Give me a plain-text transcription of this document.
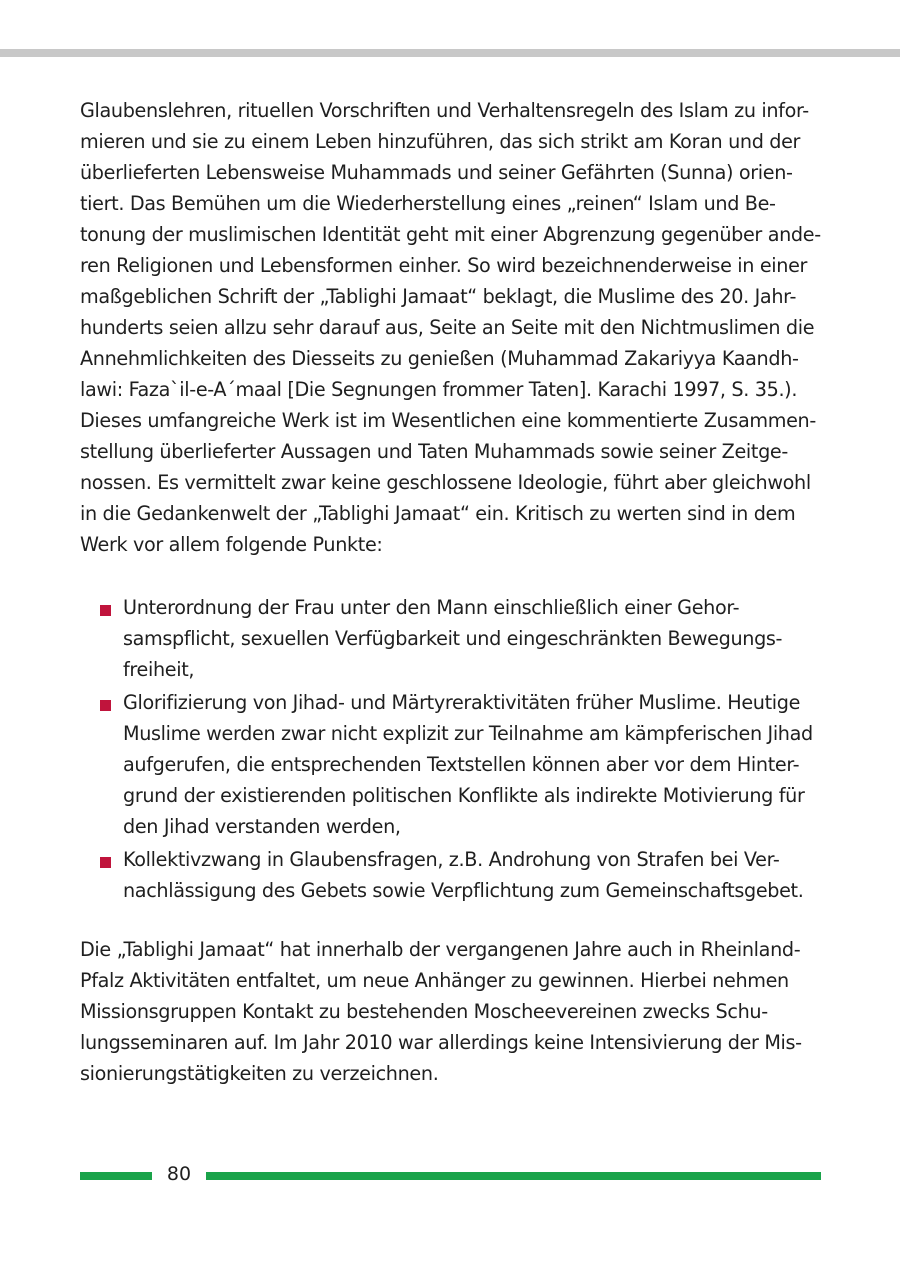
Glaubenslehren, rituellen Vorschriften und Verhaltensregeln des Islam zu infor-
mieren und sie zu einem Leben hinzuführen, das sich strikt am Koran und der
überlieferten Lebensweise Muhammads und seiner Gefährten (Sunna) orien-
tiert. Das Bemühen um die Wiederherstellung eines „reinen“ Islam und Be-
tonung der muslimischen Identität geht mit einer Abgrenzung gegenüber ande-
ren Religionen und Lebensformen einher. So wird bezeichnenderweise in einer
maßgeblichen Schrift der „Tablighi Jamaat“ beklagt, die Muslime des 20. Jahr-
hunderts seien allzu sehr darauf aus, Seite an Seite mit den Nichtmuslimen die
Annehmlichkeiten des Diesseits zu genießen (Muhammad Zakariyya Kaandh-
lawi: Faza`il-e-A´maal [Die Segnungen frommer Taten]. Karachi 1997, S. 35.).
Dieses umfangreiche Werk ist im Wesentlichen eine kommentierte Zusammen-
stellung überlieferter Aussagen und Taten Muhammads sowie seiner Zeitge-
nossen. Es vermittelt zwar keine geschlossene Ideologie, führt aber gleichwohl
in die Gedankenwelt der „Tablighi Jamaat“ ein. Kritisch zu werten sind in dem
Werk vor allem folgende Punkte:

Unterordnung der Frau unter den Mann einschließlich einer Gehor-
samspflicht, sexuellen Verfügbarkeit und eingeschränkten Bewegungs-
freiheit,
Glorifizierung von Jihad- und Märtyreraktivitäten früher Muslime. Heutige
Muslime werden zwar nicht explizit zur Teilnahme am kämpferischen Jihad
aufgerufen, die entsprechenden Textstellen können aber vor dem Hinter-
grund der existierenden politischen Konflikte als indirekte Motivierung für
den Jihad verstanden werden,
Kollektivzwang in Glaubensfragen, z.B. Androhung von Strafen bei Ver-
nachlässigung des Gebets sowie Verpflichtung zum Gemeinschaftsgebet.

Die „Tablighi Jamaat“ hat innerhalb der vergangenen Jahre auch in Rheinland-
Pfalz Aktivitäten entfaltet, um neue Anhänger zu gewinnen. Hierbei nehmen
Missionsgruppen Kontakt zu bestehenden Moscheevereinen zwecks Schu-
lungsseminaren auf. Im Jahr 2010 war allerdings keine Intensivierung der Mis-
sionierungstätigkeiten zu verzeichnen.

80
